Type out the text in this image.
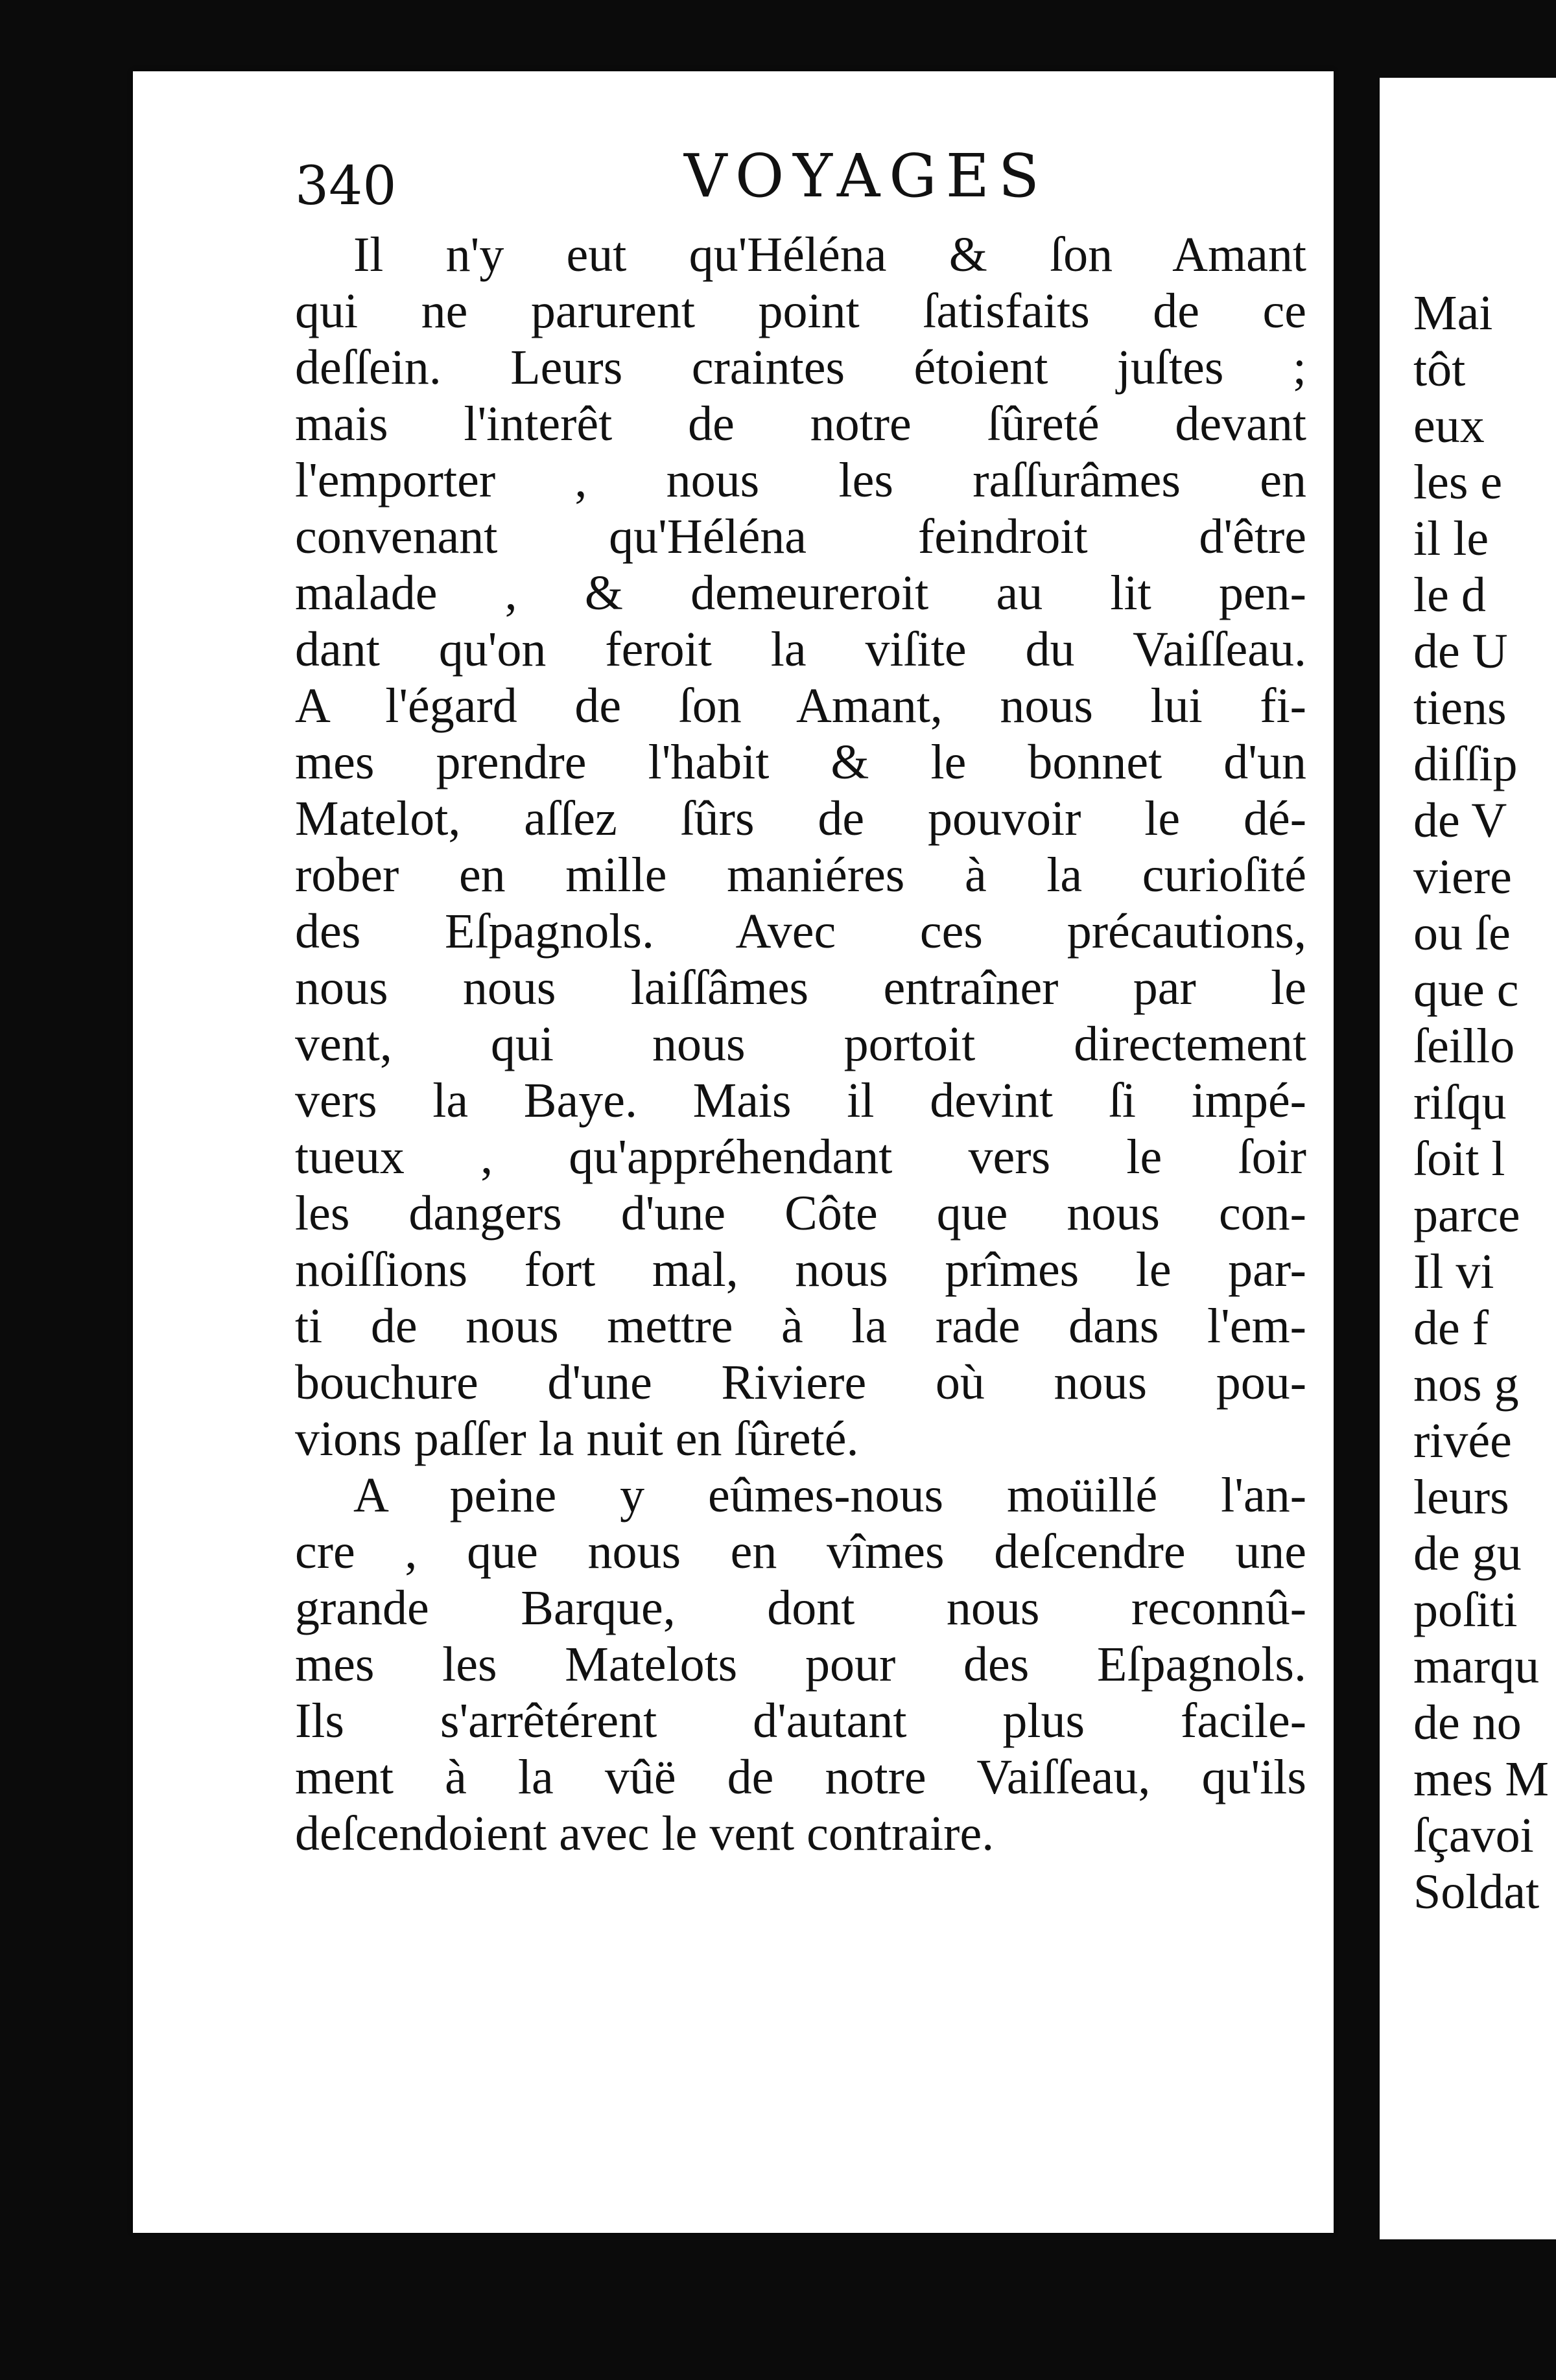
340	VOYAGES
Il n'y eut qu'Héléna & ſon Amant
qui ne parurent point ſatisfaits de ce
deſſein. Leurs craintes étoient juſtes ;
mais l'interêt de notre ſûreté devant
l'emporter , nous les raſſurâmes en
convenant qu'Héléna feindroit d'être
malade , & demeureroit au lit pen-
dant qu'on feroit la viſite du Vaiſſeau.
A l'égard de ſon Amant, nous lui fi-
mes prendre l'habit & le bonnet d'un
Matelot, aſſez ſûrs de pouvoir le dé-
rober en mille maniéres à la curioſité
des Eſpagnols. Avec ces précautions,
nous nous laiſſâmes entraîner par le
vent, qui nous portoit directement
vers la Baye. Mais il devint ſi impé-
tueux , qu'appréhendant vers le ſoir
les dangers d'une Côte que nous con-
noiſſions fort mal, nous prîmes le par-
ti de nous mettre à la rade dans l'em-
bouchure d'une Riviere où nous pou-
vions paſſer la nuit en ſûreté.
A peine y eûmes-nous moüillé l'an-
cre , que nous en vîmes deſcendre une
grande Barque, dont nous reconnû-
mes les Matelots pour des Eſpagnols.
Ils s'arrêtérent d'autant plus facile-
ment à la vûë de notre Vaiſſeau, qu'ils
deſcendoient avec le vent contraire.
Mai
tôt
eux
les e
il le
le d
de U
tiens
diſſip
de V
viere
ou ſe
que c
ſeillo
riſqu
ſoit l
parce
Il vi
de f
nos g
rivée
leurs
de gu
poſiti
marqu
de no
mes M
ſçavoi
Soldat
